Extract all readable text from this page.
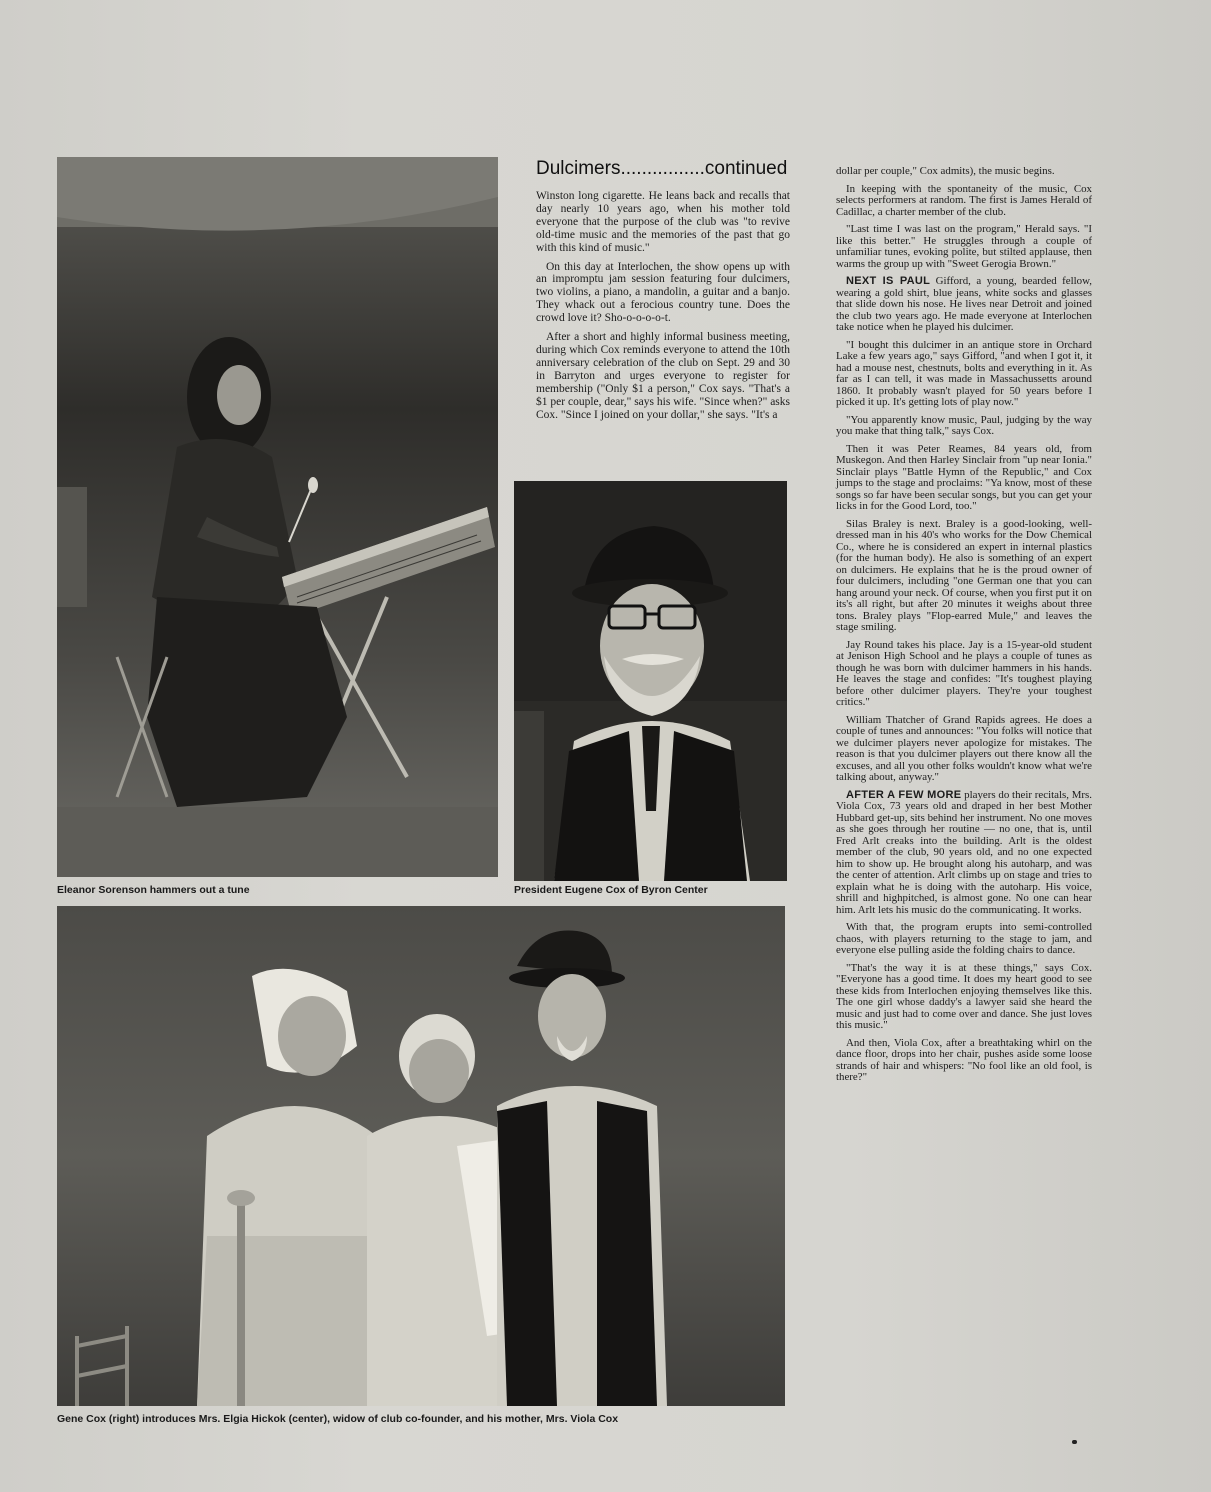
Eleanor Sorenson hammers out a tune
Dulcimers................continued

Winston long cigarette. He leans back and recalls that day nearly 10 years ago, when his mother told everyone that the purpose of the club was "to revive old-time music and the memories of the past that go with this kind of music."

On this day at Interlochen, the show opens up with an impromptu jam session featuring four dulcimers, two violins, a piano, a mandolin, a guitar and a banjo. They whack out a ferocious country tune. Does the crowd love it? Sho-o-o-o-o-t.

After a short and highly informal business meeting, during which Cox reminds everyone to attend the 10th anniversary celebration of the club on Sept. 29 and 30 in Barryton and urges everyone to register for membership ("Only $1 a person," Cox says. "That's a $1 per couple, dear," says his wife. "Since when?" asks Cox. "Since I joined on your dollar," she says. "It's a

President Eugene Cox of Byron Center
Gene Cox (right) introduces Mrs. Elgia Hickok (center), widow of club co-founder, and his mother, Mrs. Viola Cox

dollar per couple," Cox admits), the music begins.

In keeping with the spontaneity of the music, Cox selects performers at random. The first is James Herald of Cadillac, a charter member of the club.

"Last time I was last on the program," Herald says. "I like this better." He struggles through a couple of unfamiliar tunes, evoking polite, but stilted applause, then warms the group up with "Sweet Gerogia Brown."

NEXT IS PAUL Gifford, a young, bearded fellow, wearing a gold shirt, blue jeans, white socks and glasses that slide down his nose. He lives near Detroit and joined the club two years ago. He made everyone at Interlochen take notice when he played his dulcimer.

"I bought this dulcimer in an antique store in Orchard Lake a few years ago," says Gifford, "and when I got it, it had a mouse nest, chestnuts, bolts and everything in it. As far as I can tell, it was made in Massachussetts around 1860. It probably wasn't played for 50 years before I picked it up. It's getting lots of play now."

"You apparently know music, Paul, judging by the way you make that thing talk," says Cox.

Then it was Peter Reames, 84 years old, from Muskegon. And then Harley Sinclair from "up near Ionia." Sinclair plays "Battle Hymn of the Republic," and Cox jumps to the stage and proclaims: "Ya know, most of these songs so far have been secular songs, but you can get your licks in for the Good Lord, too."

Silas Braley is next. Braley is a good-looking, well-dressed man in his 40's who works for the Dow Chemical Co., where he is considered an expert in internal plastics (for the human body). He also is something of an expert on dulcimers. He explains that he is the proud owner of four dulcimers, including "one German one that you can hang around your neck. Of course, when you first put it on its's all right, but after 20 minutes it weighs about three tons. Braley plays "Flop-earred Mule," and leaves the stage smiling.

Jay Round takes his place. Jay is a 15-year-old student at Jenison High School and he plays a couple of tunes as though he was born with dulcimer hammers in his hands. He leaves the stage and confides: "It's toughest playing before other dulcimer players. They're your toughest critics."

William Thatcher of Grand Rapids agrees. He does a couple of tunes and announces: "You folks will notice that we dulcimer players never apologize for mistakes. The reason is that you dulcimer players out there know all the excuses, and all you other folks wouldn't know what we're talking about, anyway."

AFTER A FEW MORE players do their recitals, Mrs. Viola Cox, 73 years old and draped in her best Mother Hubbard get-up, sits behind her instrument. No one moves as she goes through her routine — no one, that is, until Fred Arlt creaks into the building. Arlt is the oldest member of the club, 90 years old, and no one expected him to show up. He brought along his autoharp, and was the center of attention. Arlt climbs up on stage and tries to explain what he is doing with the autoharp. His voice, shrill and highpitched, is almost gone. No one can hear him. Arlt lets his music do the communicating. It works.

With that, the program erupts into semi-controlled chaos, with players returning to the stage to jam, and everyone else pulling aside the folding chairs to dance.

"That's the way it is at these things," says Cox. "Everyone has a good time. It does my heart good to see these kids from Interlochen enjoying themselves like this. The one girl whose daddy's a lawyer said she heard the music and just had to come over and dance. She just loves this music."

And then, Viola Cox, after a breathtaking whirl on the dance floor, drops into her chair, pushes aside some loose strands of hair and whispers: "No fool like an old fool, is there?"
